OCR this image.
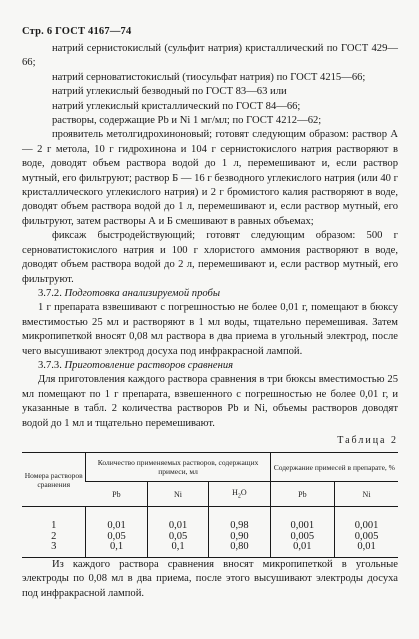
Стр. 6 ГОСТ 4167—74

натрий сернистокислый (сульфит натрия) кристаллический по ГОСТ 429—66;

натрий серноватистокислый (тиосульфат натрия) по ГОСТ 4215—66;

натрий углекислый безводный по ГОСТ 83—63 или

натрий углекислый кристаллический по ГОСТ 84—66;

растворы, содержащие Pb и Ni 1 мг/мл; по ГОСТ 4212—62;

проявитель метолгидрохиноновый; готовят следующим образом: раствор А — 2 г метола, 10 г гидрохинона и 104 г сернистокислого натрия растворяют в воде, доводят объем раствора водой до 1 л, перемешивают и, если раствор мутный, его фильтруют; раствор Б — 16 г безводного углекислого натрия (или 40 г кристаллического углекислого натрия) и 2 г бромистого калия растворяют в воде, доводят объем раствора водой до 1 л, перемешивают и, если раствор мутный, его фильтруют, затем растворы А и Б смешивают в равных объемах;

фиксаж быстродействующий; готовят следующим образом: 500 г серноватистокислого натрия и 100 г хлористого аммония растворяют в воде, доводят объем раствора водой до 2 л, перемешивают и, если раствор мутный, его фильтруют.

3.7.2. Подготовка анализируемой пробы

1 г препарата взвешивают с погрешностью не более 0,01 г, помещают в бюксу вместимостью 25 мл и растворяют в 1 мл воды, тщательно перемешивая. Затем микропипеткой вносят 0,08 мл раствора в два приема в угольный электрод, после чего высушивают электрод досуха под инфракрасной лампой.

3.7.3. Приготовление растворов сравнения

Для приготовления каждого раствора сравнения в три бюксы вместимостью 25 мл помещают по 1 г препарата, взвешенного с погрешностью не более 0,01 г, и указанные в табл. 2 количества растворов Pb и Ni, объемы растворов доводят водой до 1 мл и тщательно перемешивают.

Таблица 2
Номера растворов сравнения	Количество применяемых растворов, содержащих примеси, мл			Содержание примесей в препарате, %	
	Pb	Ni	$H_2O$	Pb	Ni

1	0,01	0,01	0,98	0,001	0,001
2	0,05	0,05	0,90	0,005	0,005
3	0,1	0,1	0,80	0,01	0,01

Из каждого раствора сравнения вносят микропипеткой в угольные электроды по 0,08 мл в два приема, после этого высушивают электроды досуха под инфракрасной лампой.
